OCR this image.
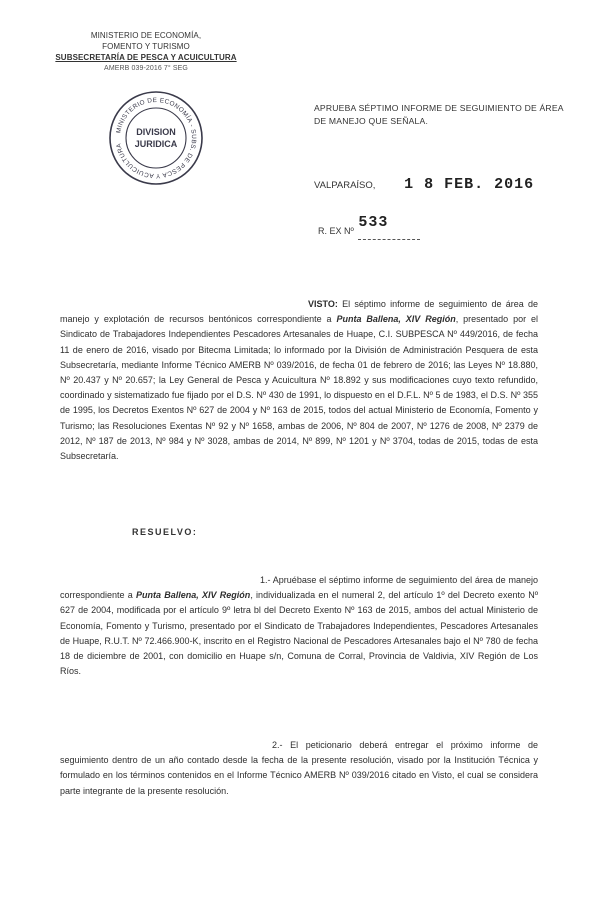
MINISTERIO DE ECONOMÍA,
FOMENTO Y TURISMO
SUBSECRETARÍA DE PESCA Y ACUICULTURA
AMERB 039-2016 7° SEG
MINISTERIO DE ECONOMÍA - SUBS. DE PESCA Y ACUICULTURA
DIVISION
JURIDICA
APRUEBA SÉPTIMO INFORME DE SEGUIMIENTO DE ÁREA DE MANEJO QUE SEÑALA.
VALPARAÍSO, 1 8 FEB. 2016
R. EX Nº 533
VISTO: El séptimo informe de seguimiento de área de manejo y explotación de recursos bentónicos correspondiente a Punta Ballena, XIV Región, presentado por el Sindicato de Trabajadores Independientes Pescadores Artesanales de Huape, C.I. SUBPESCA Nº 449/2016, de fecha 11 de enero de 2016, visado por Bitecma Limitada; lo informado por la División de Administración Pesquera de esta Subsecretaría, mediante Informe Técnico AMERB Nº 039/2016, de fecha 01 de febrero de 2016; las Leyes Nº 18.880, Nº 20.437 y Nº 20.657; la Ley General de Pesca y Acuicultura Nº 18.892 y sus modificaciones cuyo texto refundido, coordinado y sistematizado fue fijado por el D.S. Nº 430 de 1991, lo dispuesto en el D.F.L. Nº 5 de 1983, el D.S. Nº 355 de 1995, los Decretos Exentos Nº 627 de 2004 y Nº 163 de 2015, todos del actual Ministerio de Economía, Fomento y Turismo; las Resoluciones Exentas Nº 92 y Nº 1658, ambas de 2006, Nº 804 de 2007, Nº 1276 de 2008, Nº 2379 de 2012, Nº 187 de 2013, Nº 984 y Nº 3028, ambas de 2014, Nº 899, Nº 1201 y Nº 3704, todas de 2015, todas de esta Subsecretaría.
RESUELVO:
1.- Apruébase el séptimo informe de seguimiento del área de manejo correspondiente a Punta Ballena, XIV Región, individualizada en el numeral 2, del artículo 1º del Decreto exento Nº 627 de 2004, modificada por el artículo 9º letra bl del Decreto Exento Nº 163 de 2015, ambos del actual Ministerio de Economía, Fomento y Turismo, presentado por el Sindicato de Trabajadores Independientes, Pescadores Artesanales de Huape, R.U.T. Nº 72.466.900-K, inscrito en el Registro Nacional de Pescadores Artesanales bajo el Nº 780 de fecha 18 de diciembre de 2001, con domicilio en Huape s/n, Comuna de Corral, Provincia de Valdivia, XIV Región de Los Ríos.
2.- El peticionario deberá entregar el próximo informe de seguimiento dentro de un año contado desde la fecha de la presente resolución, visado por la Institución Técnica y formulado en los términos contenidos en el Informe Técnico AMERB Nº 039/2016 citado en Visto, el cual se considera parte integrante de la presente resolución.
